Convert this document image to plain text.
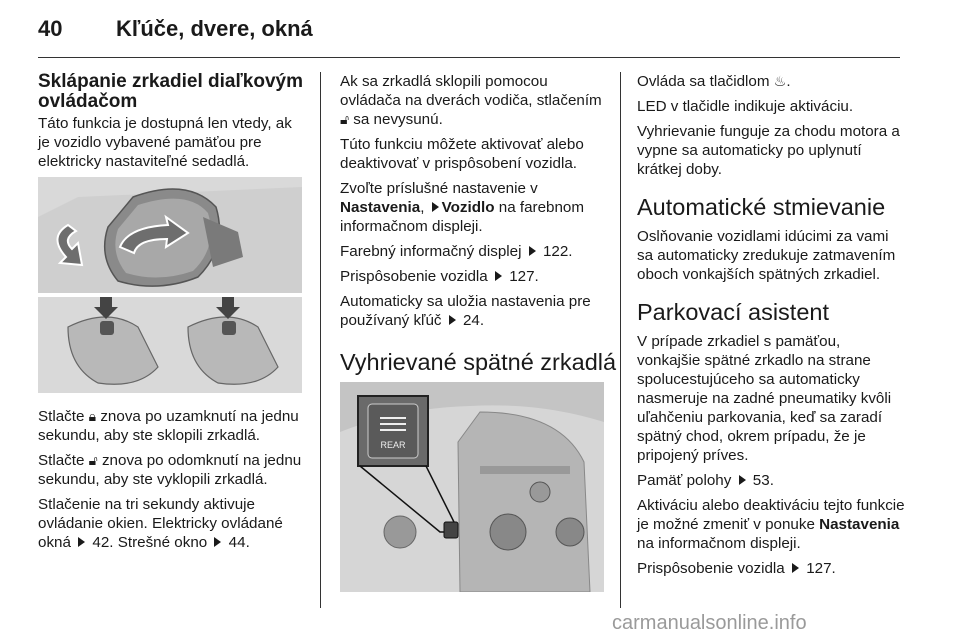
40 Kľúče, dvere, okná
Sklápanie zrkadiel diaľkovým
ovládačom

Táto funkcia je dostupná len vtedy, ak je vozidlo vybavené pamäťou pre elektricky nastaviteľné sedadlá.

Stlačte 🔒︎ znova po uzamknutí na jednu sekundu, aby ste sklopili zrkadlá.

Stlačte 🔓︎ znova po odomknutí na jednu sekundu, aby ste vyklopili zrkadlá.

Stlačenie na tri sekundy aktivuje ovládanie okien. Elektricky ovládané okná  42. Strešné okno  44.

Ak sa zrkadlá sklopili pomocou ovládača na dverách vodiča, stlačením 🔓︎ sa nevysunú.

Túto funkciu môžete aktivovať alebo deaktivovať v prispôsobení vozidla.

Zvoľte príslušné nastavenie v Nastavenia, Vozidlo na farebnom informačnom displeji.

Farebný informačný displej  122.

Prispôsobenie vozidla  127.

Automaticky sa uložia nastavenia pre používaný kľúč  24.

Vyhrievané spätné zrkadlá
REAR

Ovláda sa tlačidlom ♨︎.

LED v tlačidle indikuje aktiváciu.

Vyhrievanie funguje za chodu motora a vypne sa automaticky po uplynutí krátkej doby.

Automatické stmievanie

Oslňovanie vozidlami idúcimi za vami sa automaticky zredukuje zatmavením oboch vonkajších spätných zrkadiel.

Parkovací asistent

V prípade zrkadiel s pamäťou, vonkajšie spätné zrkadlo na strane spolucestujúceho sa automaticky nasmeruje na zadné pneumatiky kvôli uľahčeniu parkovania, keď sa zaradí spätný chod, okrem prípadu, že je pripojený príves.

Pamäť polohy  53.

Aktiváciu alebo deaktiváciu tejto funkcie je možné zmeniť v ponuke Nastavenia na informačnom displeji.

Prispôsobenie vozidla  127.

carmanualsonline.info
